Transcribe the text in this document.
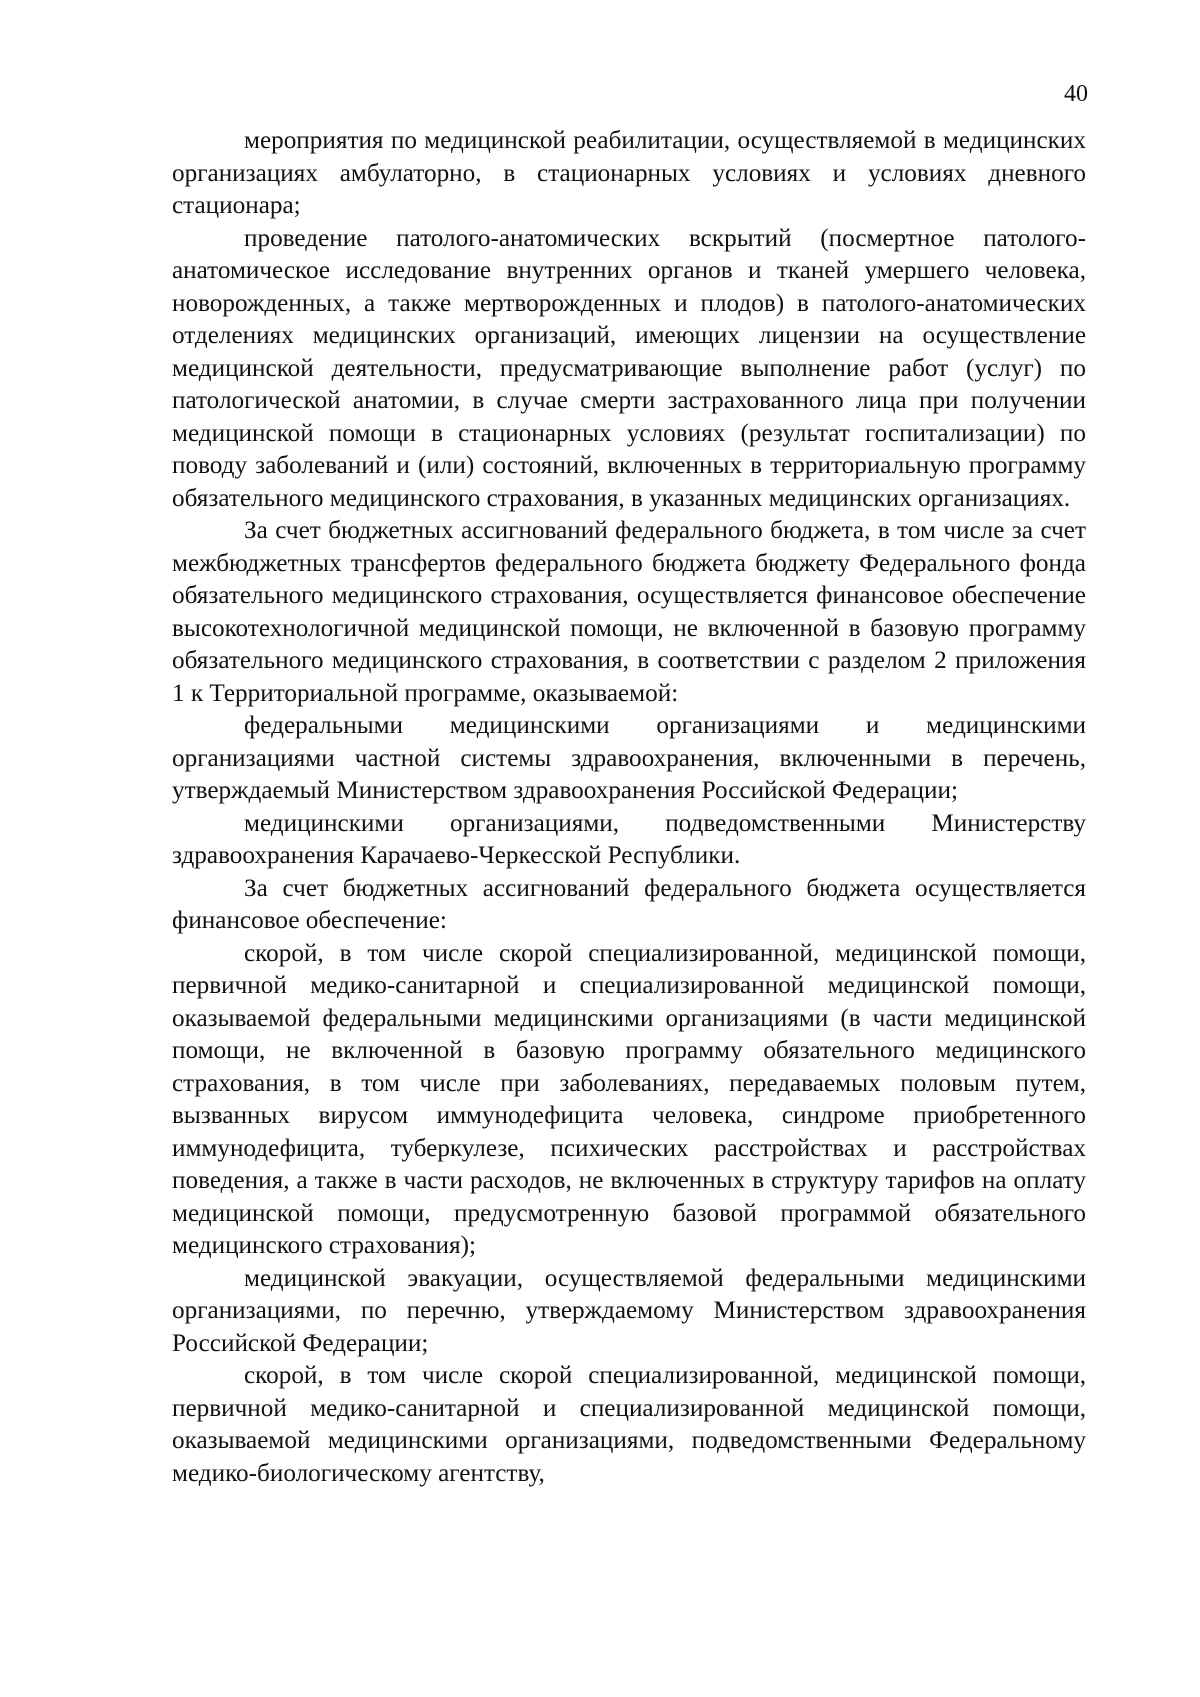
40

мероприятия по медицинской реабилитации, осуществляемой в медицинских организациях амбулаторно, в стационарных условиях и условиях дневного стационара;

проведение патолого-анатомических вскрытий (посмертное патолого-анатомическое исследование внутренних органов и тканей умершего человека, новорожденных, а также мертворожденных и плодов) в патолого-анатомических отделениях медицинских организаций, имеющих лицензии на осуществление медицинской деятельности, предусматривающие выполнение работ (услуг) по патологической анатомии, в случае смерти застрахованного лица при получении медицинской помощи в стационарных условиях (результат госпитализации) по поводу заболеваний и (или) состояний, включенных в территориальную программу обязательного медицинского страхования, в указанных медицинских организациях.

За счет бюджетных ассигнований федерального бюджета, в том числе за счет межбюджетных трансфертов федерального бюджета бюджету Федерального фонда обязательного медицинского страхования, осуществляется финансовое обеспечение высокотехнологичной медицинской помощи, не включенной в базовую программу обязательного медицинского страхования, в соответствии с разделом 2 приложения 1 к Территориальной программе, оказываемой:

федеральными медицинскими организациями и медицинскими организациями частной системы здравоохранения, включенными в перечень, утверждаемый Министерством здравоохранения Российской Федерации;

медицинскими организациями, подведомственными Министерству здравоохранения Карачаево-Черкесской Республики.

За счет бюджетных ассигнований федерального бюджета осуществляется финансовое обеспечение:

скорой, в том числе скорой специализированной, медицинской помощи, первичной медико-санитарной и специализированной медицинской помощи, оказываемой федеральными медицинскими организациями (в части медицинской помощи, не включенной в базовую программу обязательного медицинского страхования, в том числе при заболеваниях, передаваемых половым путем, вызванных вирусом иммунодефицита человека, синдроме приобретенного иммунодефицита, туберкулезе, психических расстройствах и расстройствах поведения, а также в части расходов, не включенных в структуру тарифов на оплату медицинской помощи, предусмотренную базовой программой обязательного медицинского страхования);

медицинской эвакуации, осуществляемой федеральными медицинскими организациями, по перечню, утверждаемому Министерством здравоохранения Российской Федерации;

скорой, в том числе скорой специализированной, медицинской помощи, первичной медико-санитарной и специализированной медицинской помощи, оказываемой медицинскими организациями, подведомственными Федеральному медико-биологическому агентству,
